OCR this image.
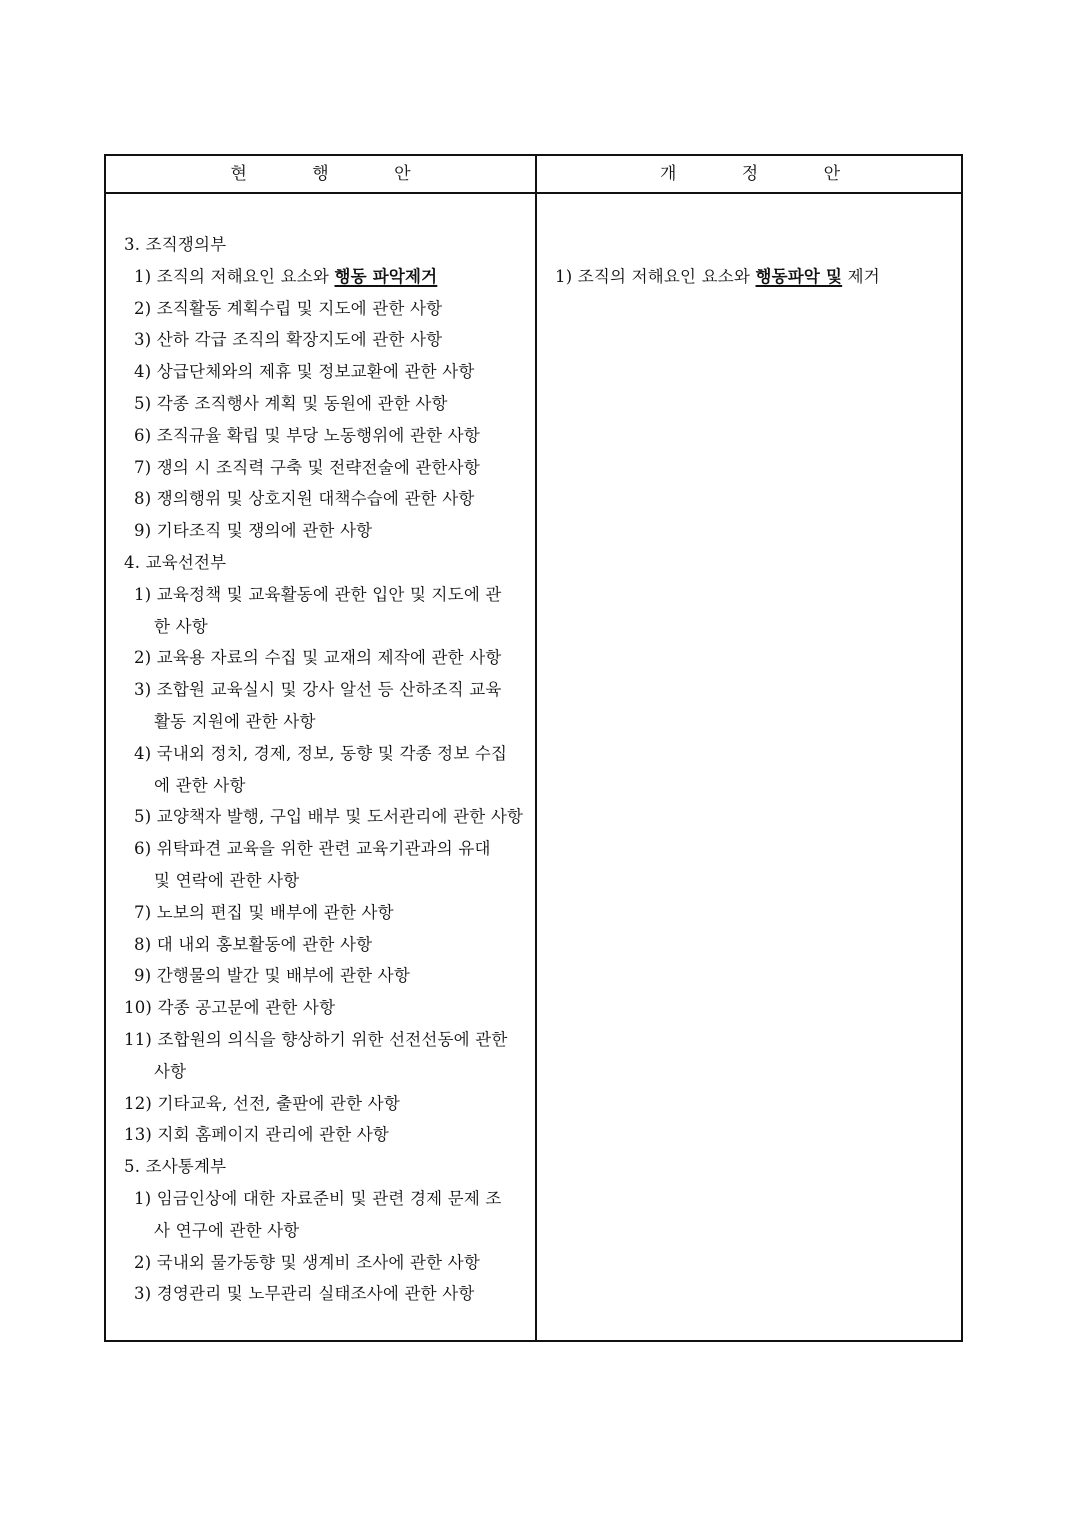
현 행 안	개 정 안
3. 조직쟁의부
1) 조직의 저해요인 요소와 행동 파악제거
2) 조직활동 계획수립 및 지도에 관한 사항
3) 산하 각급 조직의 확장지도에 관한 사항
4) 상급단체와의 제휴 및 정보교환에 관한 사항
5) 각종 조직행사 계획 및 동원에 관한 사항
6) 조직규율 확립 및 부당 노동행위에 관한 사항
7) 쟁의 시 조직력 구축 및 전략전술에 관한사항
8) 쟁의행위 및 상호지원 대책수습에 관한 사항
9) 기타조직 및 쟁의에 관한 사항
4. 교육선전부
1) 교육정책 및 교육활동에 관한 입안 및 지도에 관
한 사항
2) 교육용 자료의 수집 및 교재의 제작에 관한 사항
3) 조합원 교육실시 및 강사 알선 등 산하조직 교육
활동 지원에 관한 사항
4) 국내외 정치, 경제, 정보, 동향 및 각종 정보 수집
에 관한 사항
5) 교양책자 발행, 구입 배부 및 도서관리에 관한 사항
6) 위탁파견 교육을 위한 관련 교육기관과의 유대
및 연락에 관한 사항
7) 노보의 편집 및 배부에 관한 사항
8) 대 내외 홍보활동에 관한 사항
9) 간행물의 발간 및 배부에 관한 사항
10) 각종 공고문에 관한 사항
11) 조합원의 의식을 향상하기 위한 선전선동에 관한
사항
12) 기타교육, 선전, 출판에 관한 사항
13) 지회 홈페이지 관리에 관한 사항
5. 조사통계부
1) 임금인상에 대한 자료준비 및 관련 경제 문제 조
사 연구에 관한 사항
2) 국내외 물가동향 및 생계비 조사에 관한 사항
3) 경영관리 및 노무관리 실태조사에 관한 사항
1) 조직의 저해요인 요소와 행동파악 및 제거
